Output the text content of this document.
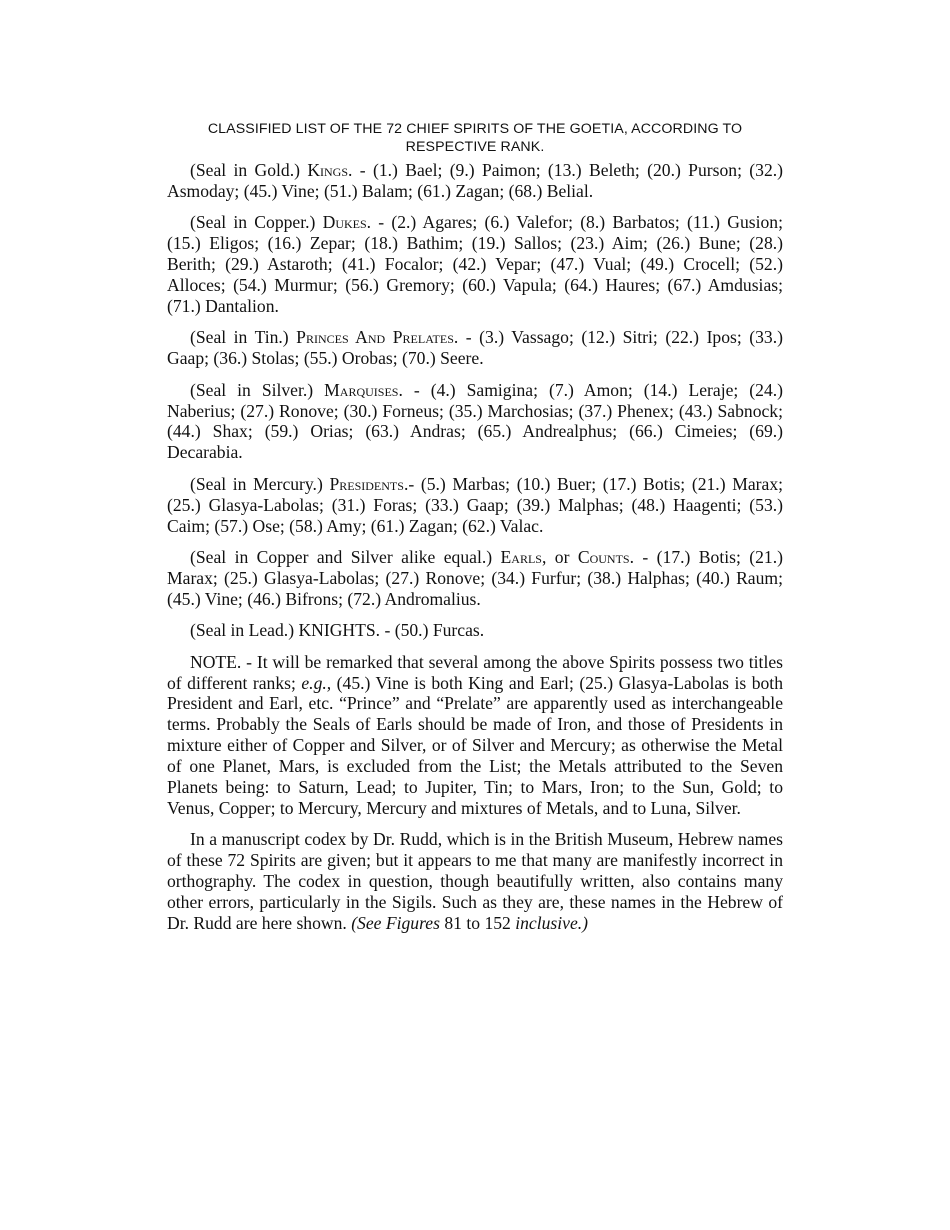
CLASSIFIED LIST OF THE 72 CHIEF SPIRITS OF THE GOETIA, ACCORDING TO RESPECTIVE RANK.

(Seal in Gold.) Kings. - (1.) Bael; (9.) Paimon; (13.) Beleth; (20.) Purson; (32.) Asmoday; (45.) Vine; (51.) Balam; (61.) Zagan; (68.) Belial.

(Seal in Copper.) Dukes. - (2.) Agares; (6.) Valefor; (8.) Barbatos; (11.) Gusion; (15.) Eligos; (16.) Zepar; (18.) Bathim; (19.) Sallos; (23.) Aim; (26.) Bune; (28.) Berith; (29.) Astaroth; (41.) Focalor; (42.) Vepar; (47.) Vual; (49.) Crocell; (52.) Alloces; (54.) Murmur; (56.) Gremory; (60.) Vapula; (64.) Haures; (67.) Amdusias; (71.) Dantalion.

(Seal in Tin.) Princes And Prelates. - (3.) Vassago; (12.) Sitri; (22.) Ipos; (33.) Gaap; (36.) Stolas; (55.) Orobas; (70.) Seere.

(Seal in Silver.) Marquises. - (4.) Samigina; (7.) Amon; (14.) Leraje; (24.) Naberius; (27.) Ronove; (30.) Forneus; (35.) Marchosias; (37.) Phenex; (43.) Sabnock; (44.) Shax; (59.) Orias; (63.) Andras; (65.) Andrealphus; (66.) Cimeies; (69.) Decarabia.

(Seal in Mercury.) Presidents.- (5.) Marbas; (10.) Buer; (17.) Botis; (21.) Marax; (25.) Glasya-Labolas; (31.) Foras; (33.) Gaap; (39.) Malphas; (48.) Haagenti; (53.) Caim; (57.) Ose; (58.) Amy; (61.) Zagan; (62.) Valac.

(Seal in Copper and Silver alike equal.) Earls, or Counts. - (17.) Botis; (21.) Marax; (25.) Glasya-Labolas; (27.) Ronove; (34.) Furfur; (38.) Halphas; (40.) Raum; (45.) Vine; (46.) Bifrons; (72.) Andromalius.

(Seal in Lead.) KNIGHTS. - (50.) Furcas.

NOTE. - It will be remarked that several among the above Spirits possess two titles of different ranks; e.g., (45.) Vine is both King and Earl; (25.) Glasya-Labolas is both President and Earl, etc. “Prince” and “Prelate” are apparently used as interchangeable terms. Probably the Seals of Earls should be made of Iron, and those of Presidents in mixture either of Copper and Silver, or of Silver and Mercury; as otherwise the Metal of one Planet, Mars, is excluded from the List; the Metals attributed to the Seven Planets being: to Saturn, Lead; to Jupiter, Tin; to Mars, Iron; to the Sun, Gold; to Venus, Copper; to Mercury, Mercury and mixtures of Metals, and to Luna, Silver.

In a manuscript codex by Dr. Rudd, which is in the British Museum, Hebrew names of these 72 Spirits are given; but it appears to me that many are manifestly incorrect in orthography. The codex in question, though beautifully written, also contains many other errors, particularly in the Sigils. Such as they are, these names in the Hebrew of Dr. Rudd are here shown. (See Figures 81 to 152 inclusive.)
